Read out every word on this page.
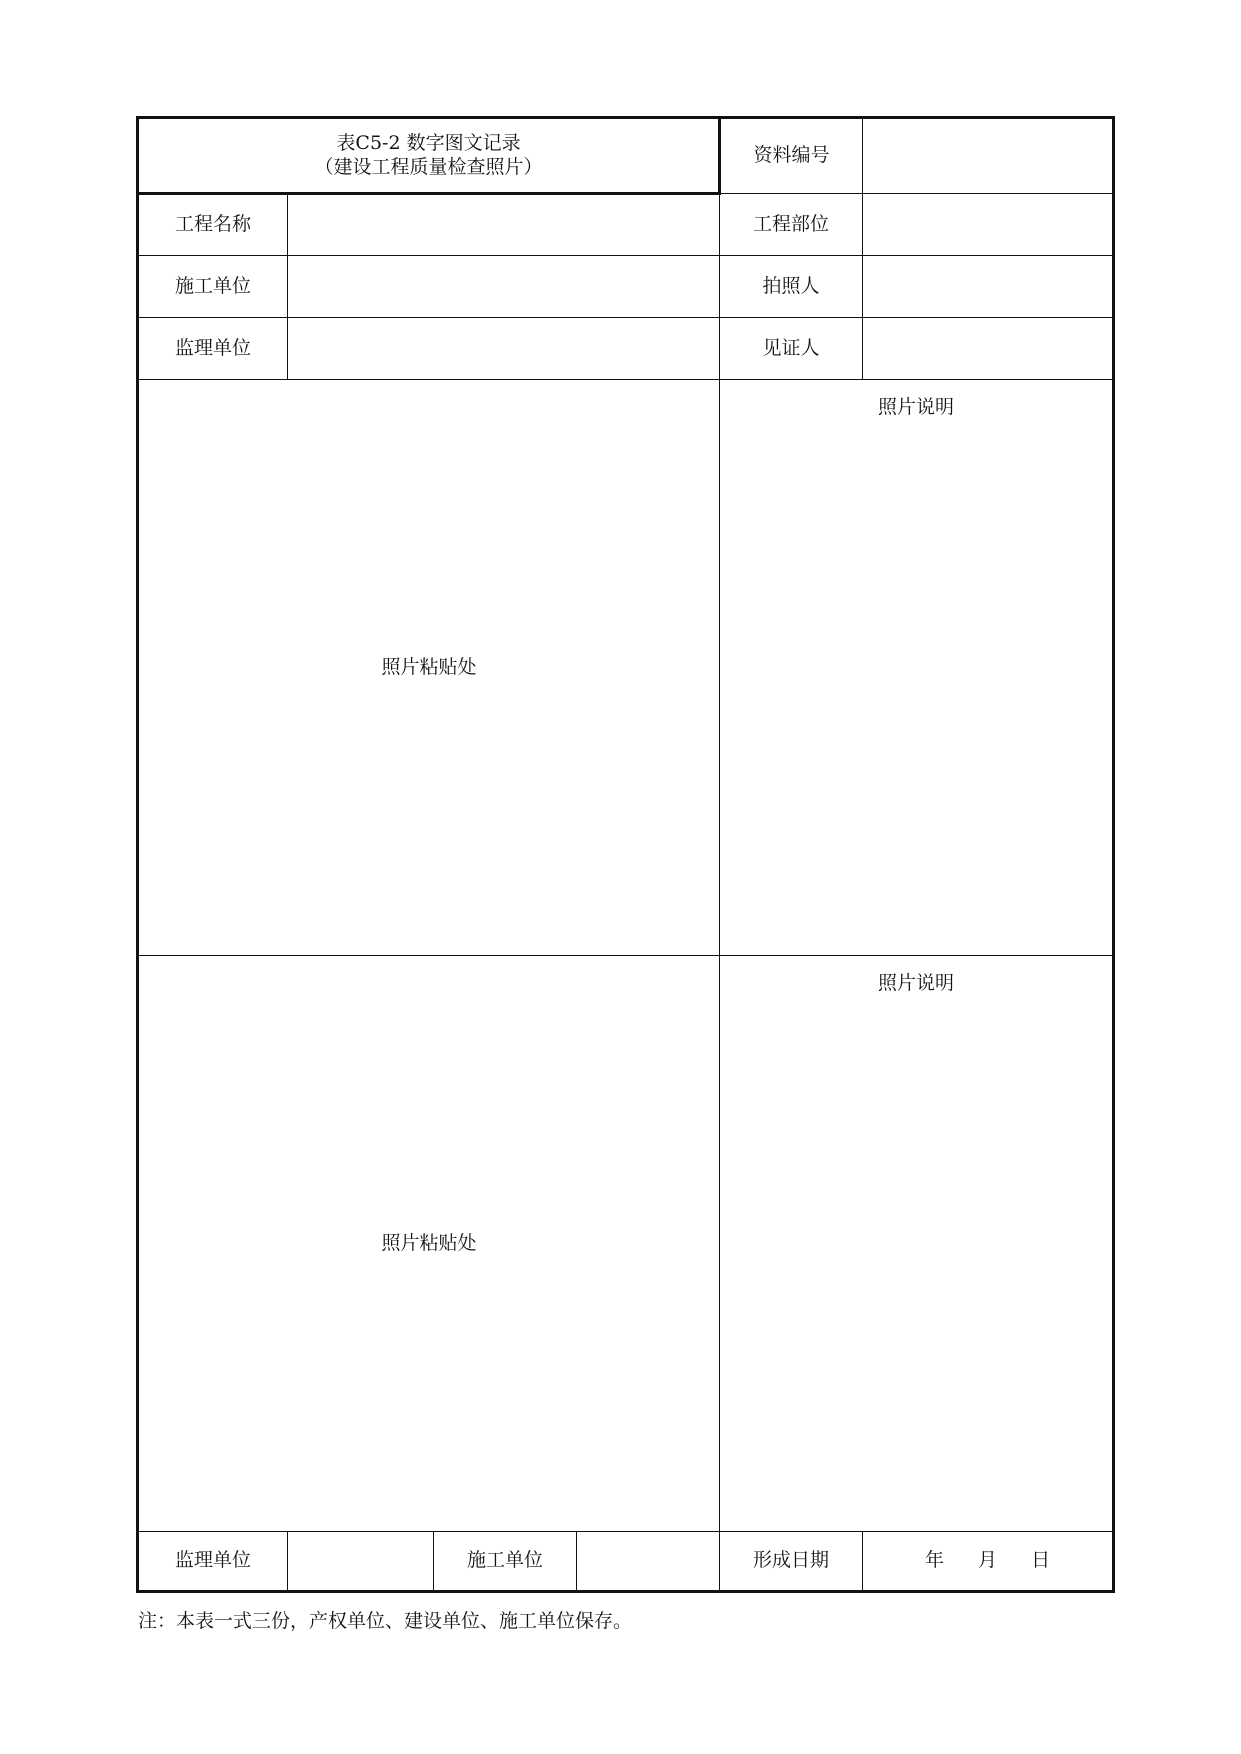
表C5-2 数字图文记录
（建设工程质量检查照片）				资料编号	
工程名称				工程部位	
施工单位				拍照人	
监理单位				见证人	
照片粘贴处				照片说明	

照片粘贴处				照片说明	

监理单位		施工单位		形成日期	年 月 日
注：本表一式三份，产权单位、建设单位、施工单位保存。
